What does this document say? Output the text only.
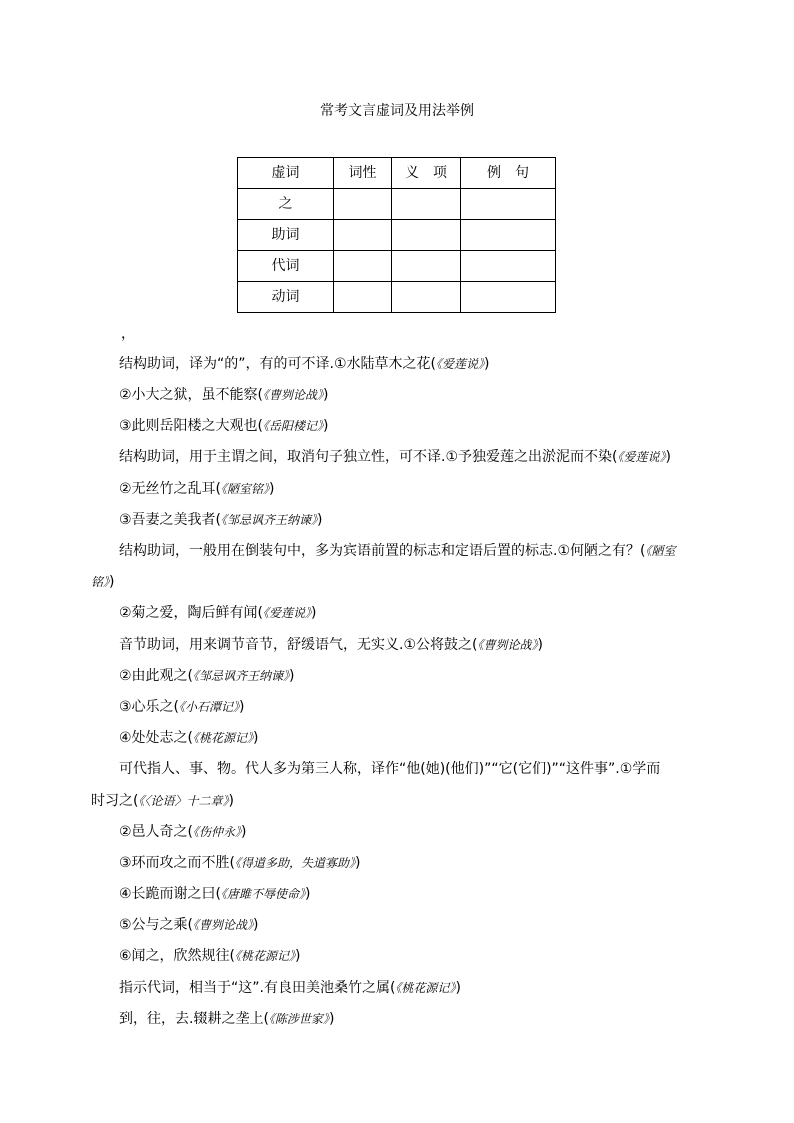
常考文言虚词及用法举例
虚词	词性	义　项	例　句
之			
助词			
代词			
动词			
，
结构助词，译为“的”，有的可不译.①水陆草木之花(《爱莲说》)
②小大之狱，虽不能察(《曹刿论战》)
③此则岳阳楼之大观也(《岳阳楼记》)
结构助词，用于主谓之间，取消句子独立性，可不译.①予独爱莲之出淤泥而不染(《爱莲说》)
②无丝竹之乱耳(《陋室铭》)
③吾妻之美我者(《邹忌讽齐王纳谏》)
结构助词，一般用在倒装句中，多为宾语前置的标志和定语后置的标志.①何陋之有？(《陋室
铭》)
②菊之爱，陶后鲜有闻(《爱莲说》)
音节助词，用来调节音节，舒缓语气，无实义.①公将鼓之(《曹刿论战》)
②由此观之(《邹忌讽齐王纳谏》)
③心乐之(《小石潭记》)
④处处志之(《桃花源记》)
可代指人、事、物。代人多为第三人称，译作“他(她)(他们)”“它(它们)”“这件事”.①学而
时习之(《〈论语〉十二章》)
②邑人奇之(《伤仲永》)
③环而攻之而不胜(《得道多助，失道寡助》)
④长跪而谢之曰(《唐雎不辱使命》)
⑤公与之乘(《曹刿论战》)
⑥闻之，欣然规往(《桃花源记》)
指示代词，相当于“这”.有良田美池桑竹之属(《桃花源记》)
到，往，去.辍耕之垄上(《陈涉世家》)
